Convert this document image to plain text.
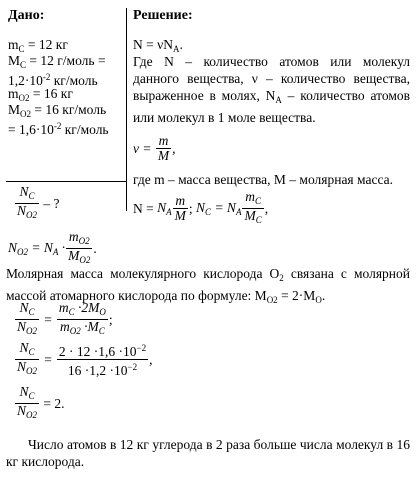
Дано:
$m_C = 12$ кг
$M_C = 12$ г/моль =
$1,2\cdot 10^{-2}$ кг/моль
$m_{O2} = 16$ кг
$M_{O2} = 16$ кг/моль
= $1,6\cdot 10^{-2}$ кг/моль
$\frac{N_C}{N_{O2}}$ – ?
Решение:
$N = \nu N_A$.
Где N – количество атомов или молекул данного вещества, ν – количество вещества, выраженное в молях, $N_A$ – количество атомов или молекул в 1 моле вещества.
$\nu = \frac{m}{M}$ ,
где m – масса вещества, M – молярная масса.
N =
$N_A \frac{m}{M}$ ;
$N_C = N_A \frac{m_C}{M_C}$ ,
$N_{O2} = N_A \cdot \frac{m_{O2}}{M_{O2}}$ .
Молярная масса молекулярного кислорода $O_2$ связана с молярной массой атомарного кислорода по формуле: $M_{O2} = 2\cdot M_O$.
$\frac{N_C}{N_{O2}} = \frac{m_C \cdot 2M_O}{m_{O2} \cdot M_C}$ ;
$\frac{N_C}{N_{O2}} = \frac{2 \cdot 12 \cdot 1,6 \cdot 10^{-2}}{16 \cdot 1,2 \cdot 10^{-2}}$ ,
$\frac{N_C}{N_{O2}} = 2$.
Число атомов в 12 кг углерода в 2 раза больше числа молекул в 16 кг кислорода.
